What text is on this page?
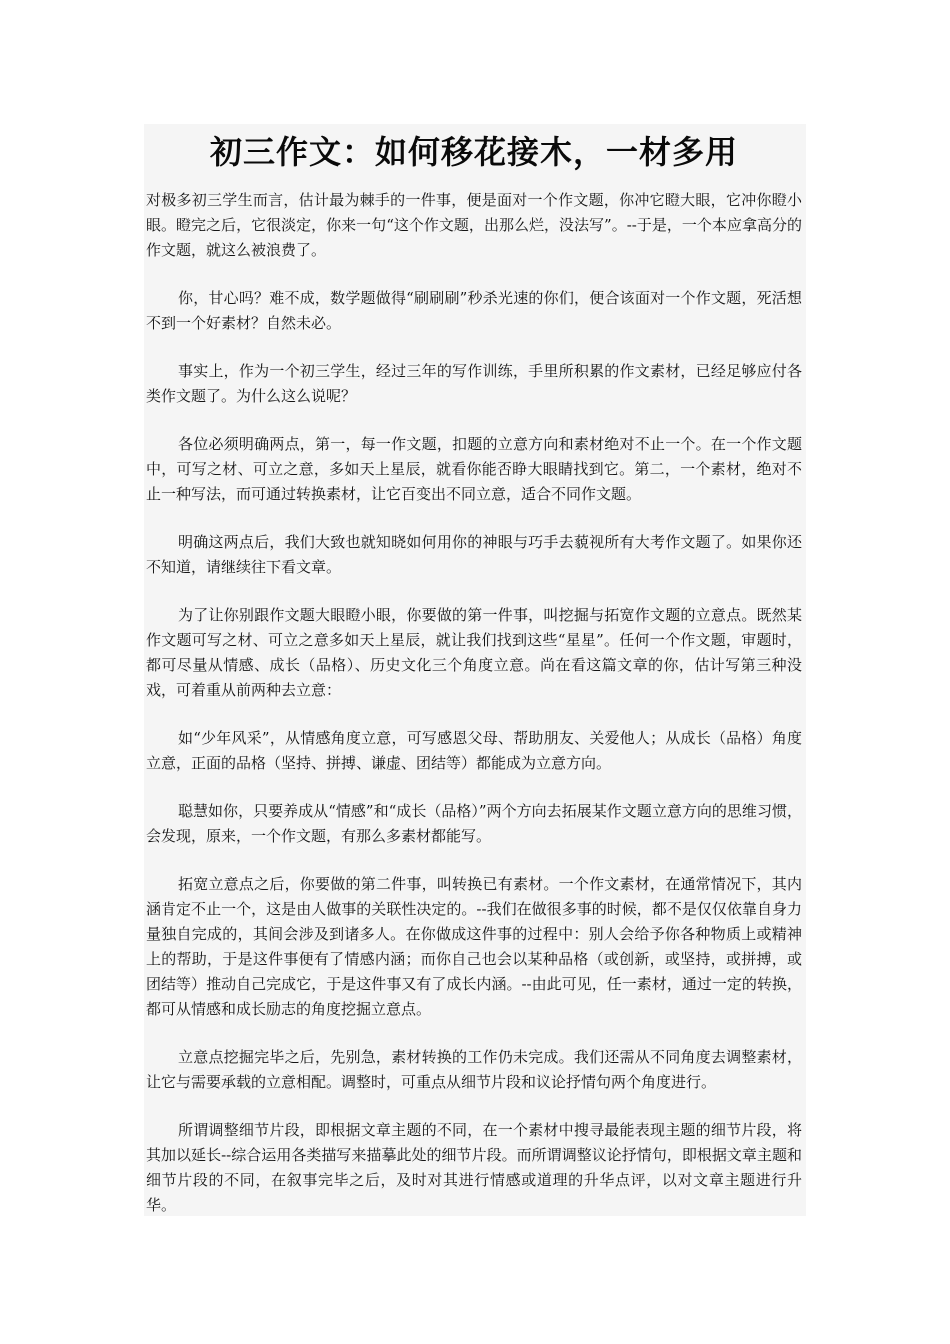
初三作文：如何移花接木，一材多用

对极多初三学生而言，估计最为棘手的一件事，便是面对一个作文题，你冲它瞪大眼，它冲你瞪小眼。瞪完之后，它很淡定，你来一句“这个作文题，出那么烂，没法写”。--于是，一个本应拿高分的作文题，就这么被浪费了。

你，甘心吗？难不成，数学题做得“刷刷刷”秒杀光速的你们，便合该面对一个作文题，死活想不到一个好素材？自然未必。

事实上，作为一个初三学生，经过三年的写作训练，手里所积累的作文素材，已经足够应付各类作文题了。为什么这么说呢？

各位必须明确两点，第一，每一作文题，扣题的立意方向和素材绝对不止一个。在一个作文题中，可写之材、可立之意，多如天上星辰，就看你能否睁大眼睛找到它。第二，一个素材，绝对不止一种写法，而可通过转换素材，让它百变出不同立意，适合不同作文题。

明确这两点后，我们大致也就知晓如何用你的神眼与巧手去藐视所有大考作文题了。如果你还不知道，请继续往下看文章。

为了让你别跟作文题大眼瞪小眼，你要做的第一件事，叫挖掘与拓宽作文题的立意点。既然某作文题可写之材、可立之意多如天上星辰，就让我们找到这些“星星”。任何一个作文题，审题时，都可尽量从情感、成长（品格）、历史文化三个角度立意。尚在看这篇文章的你，估计写第三种没戏，可着重从前两种去立意：

如“少年风采”，从情感角度立意，可写感恩父母、帮助朋友、关爱他人；从成长（品格）角度立意，正面的品格（坚持、拼搏、谦虚、团结等）都能成为立意方向。

聪慧如你，只要养成从“情感”和“成长（品格）”两个方向去拓展某作文题立意方向的思维习惯，会发现，原来，一个作文题，有那么多素材都能写。

拓宽立意点之后，你要做的第二件事，叫转换已有素材。一个作文素材，在通常情况下，其内涵肯定不止一个，这是由人做事的关联性决定的。--我们在做很多事的时候，都不是仅仅依靠自身力量独自完成的，其间会涉及到诸多人。在你做成这件事的过程中：别人会给予你各种物质上或精神上的帮助，于是这件事便有了情感内涵；而你自己也会以某种品格（或创新，或坚持，或拼搏，或团结等）推动自己完成它，于是这件事又有了成长内涵。--由此可见，任一素材，通过一定的转换，都可从情感和成长励志的角度挖掘立意点。

立意点挖掘完毕之后，先别急，素材转换的工作仍未完成。我们还需从不同角度去调整素材，让它与需要承载的立意相配。调整时，可重点从细节片段和议论抒情句两个角度进行。

所谓调整细节片段，即根据文章主题的不同，在一个素材中搜寻最能表现主题的细节片段，将其加以延长--综合运用各类描写来描摹此处的细节片段。而所谓调整议论抒情句，即根据文章主题和细节片段的不同，在叙事完毕之后，及时对其进行情感或道理的升华点评，以对文章主题进行升华。
